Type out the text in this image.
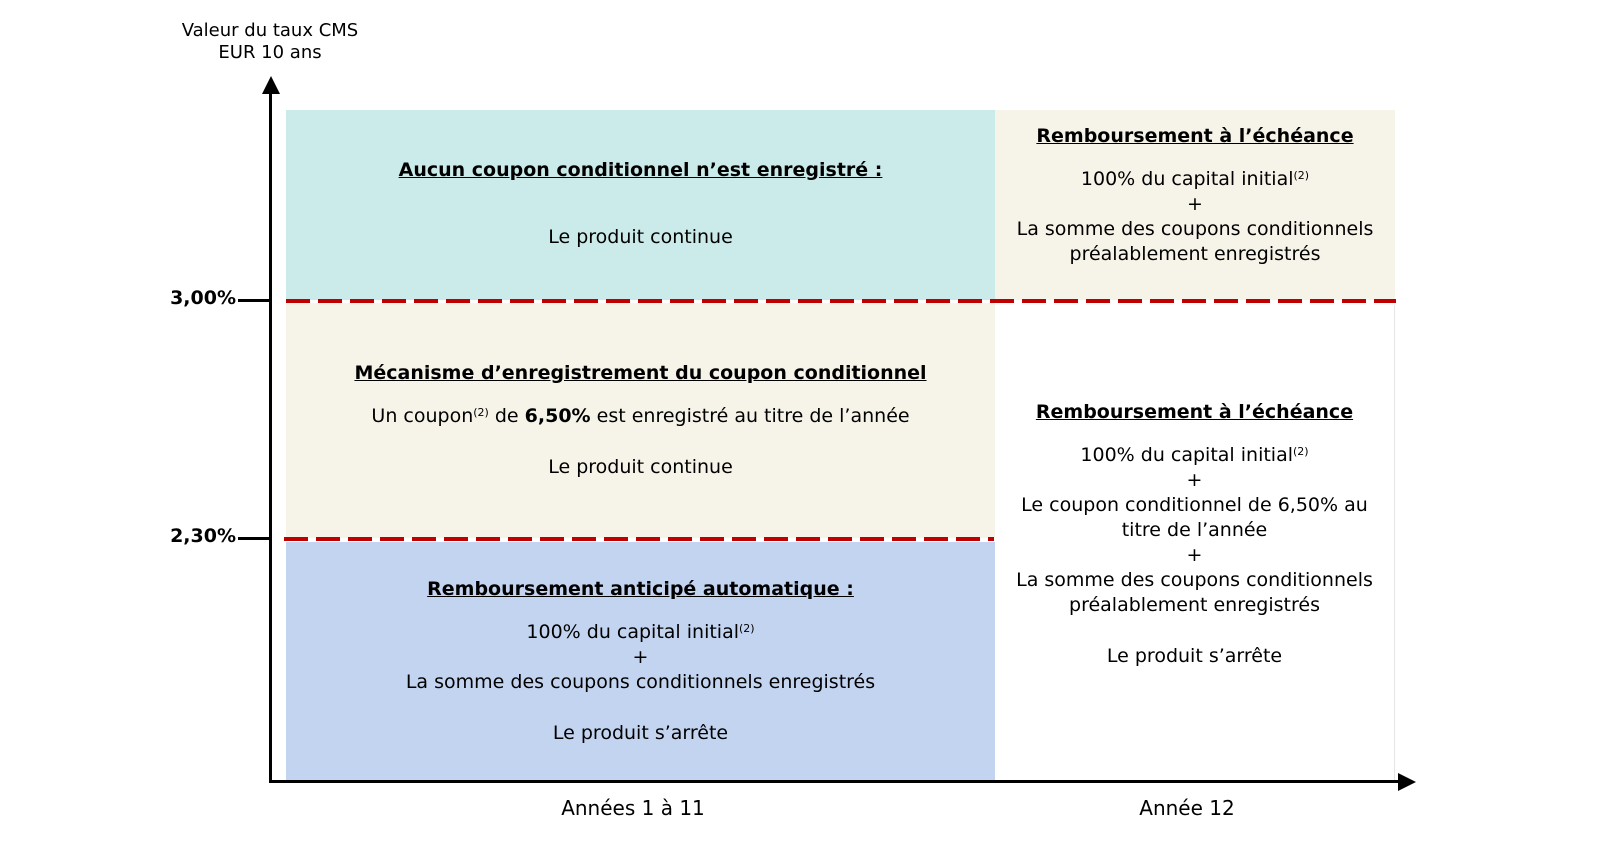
Valeur du taux CMS
EUR 10 ans
Aucun coupon conditionnel n’est enregistré :
Le produit continue
Remboursement à l’échéance
100% du capital initial$^{(2)}$
+
La somme des coupons conditionnels
préalablement enregistrés
Mécanisme d’enregistrement du coupon conditionnel
Un coupon$^{(2)}$ de 6,50% est enregistré au titre de l’année
Le produit continue
Remboursement à l’échéance
100% du capital initial$^{(2)}$
+
Le coupon conditionnel de 6,50% au
titre de l’année
+
La somme des coupons conditionnels
préalablement enregistrés
Le produit s’arrête
Remboursement anticipé automatique :
100% du capital initial$^{(2)}$
+
La somme des coupons conditionnels enregistrés
Le produit s’arrête
3,00%
2,30%
Années 1 à 11	Année 12
